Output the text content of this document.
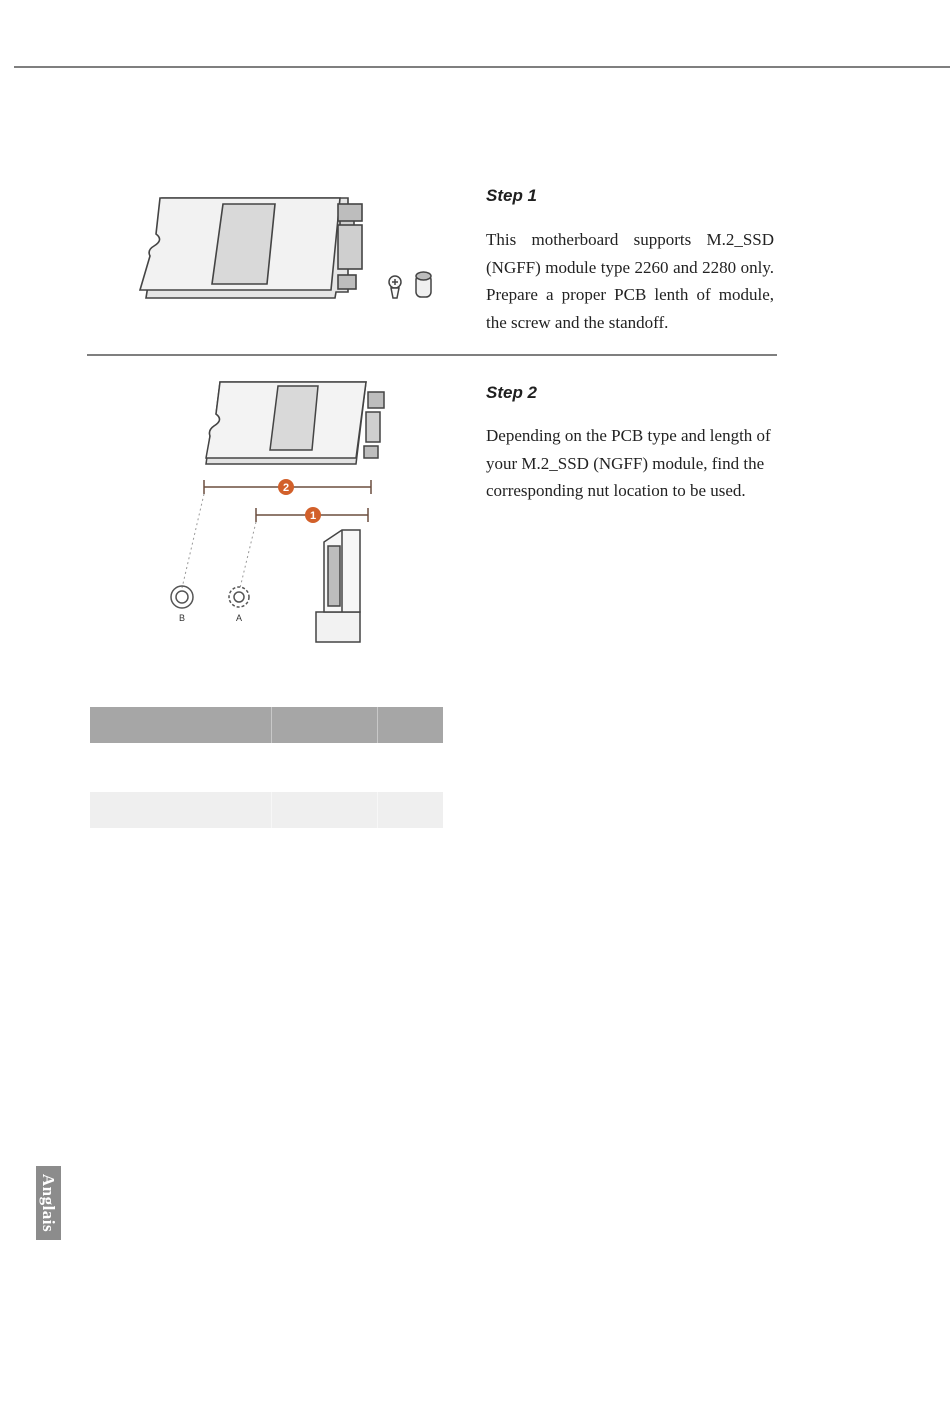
Step 1
This motherboard supports M.2_SSD (NGFF) module type 2260 and 2280 only. Prepare a proper PCB lenth of module, the screw and the standoff.
2
1
B	A
Step 2
Depending on the PCB type and length of your M.2_SSD (NGFF) module, find the corresponding nut location to be used.
Anglais
